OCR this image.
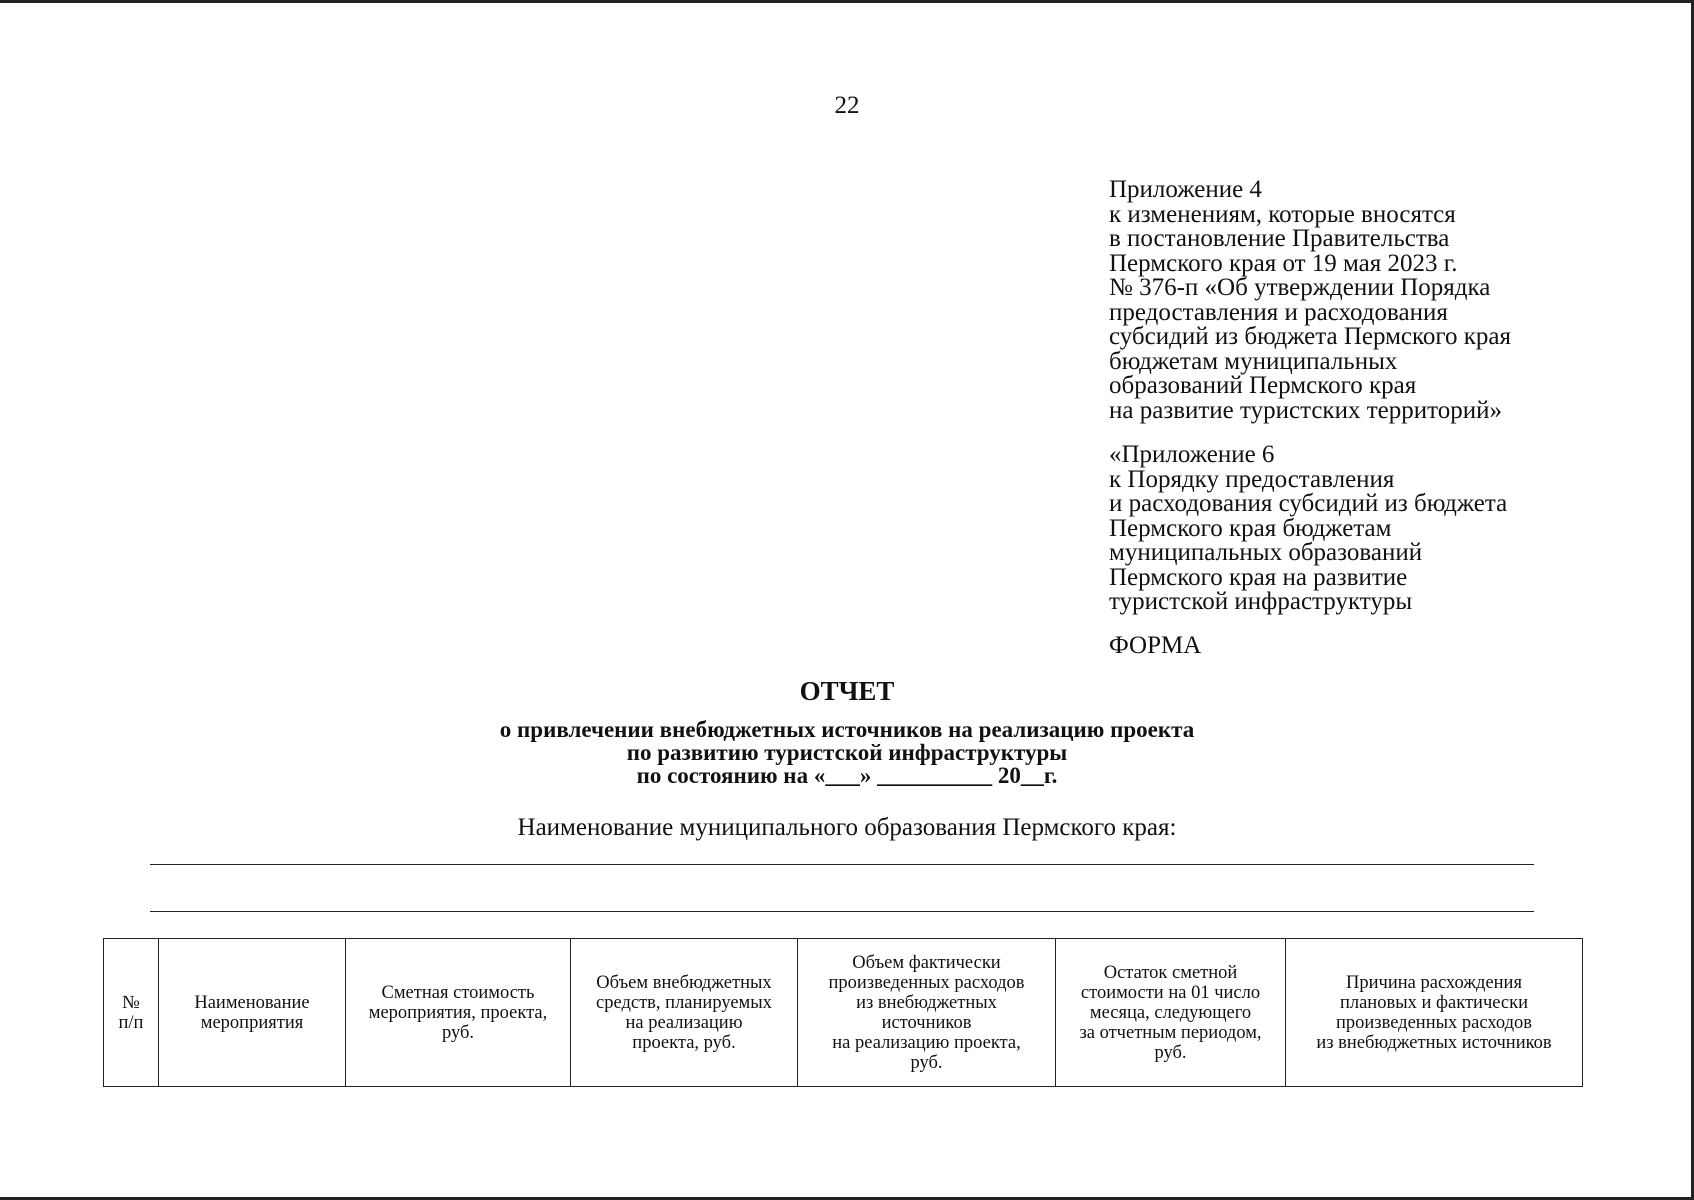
22
Приложение 4
к изменениям, которые вносятся
в постановление Правительства
Пермского края от 19 мая 2023 г.
№ 376-п «Об утверждении Порядка
предоставления и расходования
субсидий из бюджета Пермского края
бюджетам муниципальных
образований Пермского края
на развитие туристских территорий»
«Приложение 6
к Порядку предоставления
и расходования субсидий из бюджета
Пермского края бюджетам
муниципальных образований
Пермского края на развитие
туристской инфраструктуры
ФОРМА
ОТЧЕТ
о привлечении внебюджетных источников на реализацию проекта
по развитию туристской инфраструктуры
по состоянию на «___» __________ 20__г.
Наименование муниципального образования Пермского края:
№
п/п	Наименование
мероприятия	Сметная стоимость
мероприятия, проекта,
руб.	Объем внебюджетных
средств, планируемых
на реализацию
проекта, руб.	Объем фактически
произведенных расходов
из внебюджетных
источников
на реализацию проекта,
руб.	Остаток сметной
стоимости на 01 число
месяца, следующего
за отчетным периодом,
руб.	Причина расхождения
плановых и фактически
произведенных расходов
из внебюджетных источников
